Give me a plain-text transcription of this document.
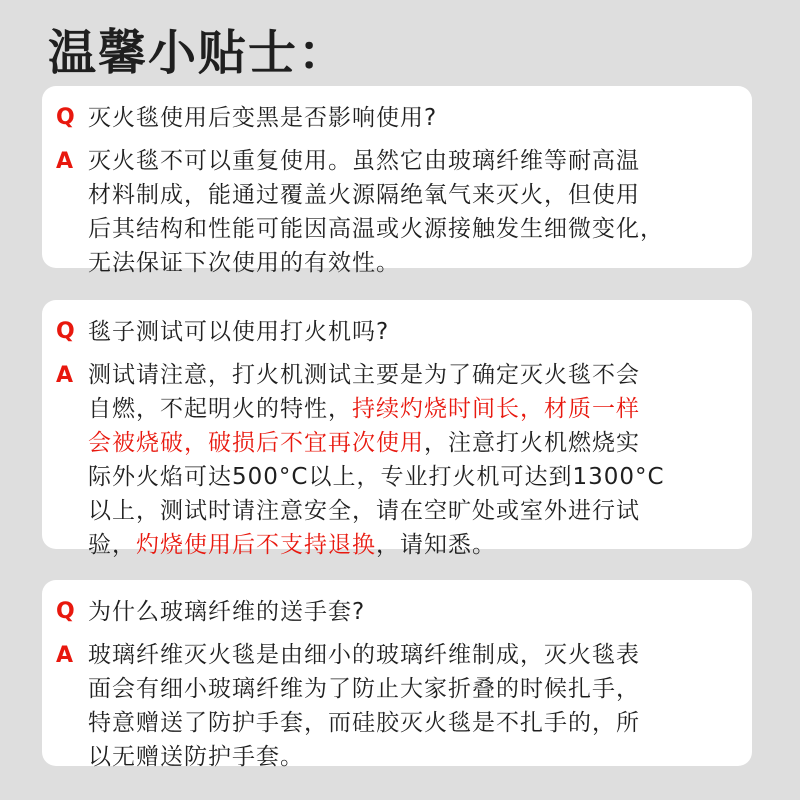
温馨小贴士：
Q 灭火毯使用后变黑是否影响使用?
A 灭火毯不可以重复使用。虽然它由玻璃纤维等耐高温
材料制成，能通过覆盖火源隔绝氧气来灭火，但使用
后其结构和性能可能因高温或火源接触发生细微变化，
无法保证下次使用的有效性。
Q 毯子测试可以使用打火机吗?
A 测试请注意，打火机测试主要是为了确定灭火毯不会
自燃，不起明火的特性，持续灼烧时间长，材质一样
会被烧破，破损后不宜再次使用，注意打火机燃烧实
际外火焰可达500°C以上，专业打火机可达到1300°C
以上，测试时请注意安全，请在空旷处或室外进行试
验，灼烧使用后不支持退换，请知悉。
Q 为什么玻璃纤维的送手套?
A 玻璃纤维灭火毯是由细小的玻璃纤维制成，灭火毯表
面会有细小玻璃纤维为了防止大家折叠的时候扎手，
特意赠送了防护手套，而硅胶灭火毯是不扎手的，所
以无赠送防护手套。
